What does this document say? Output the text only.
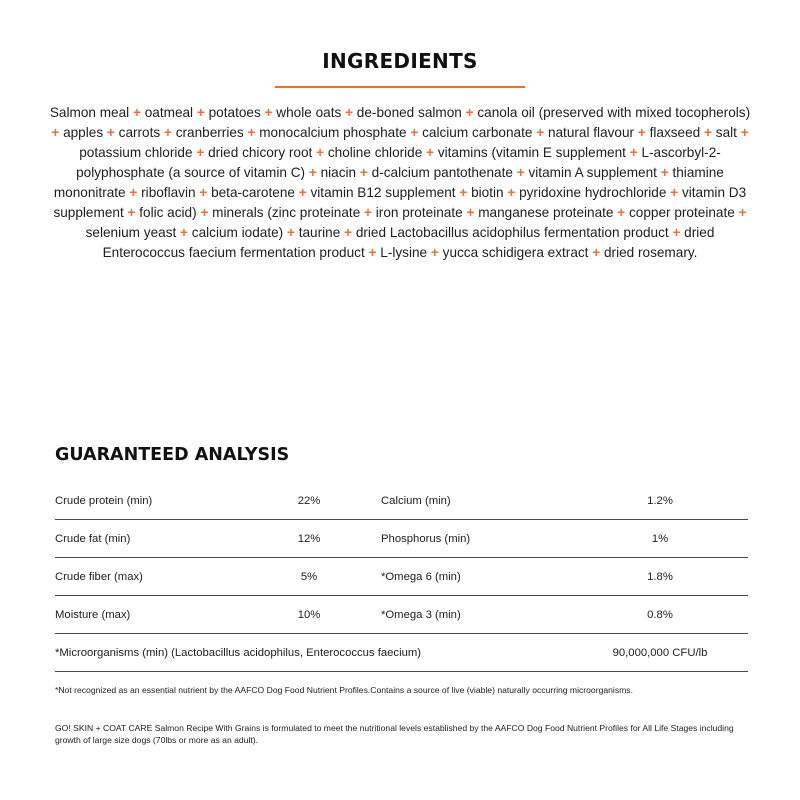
INGREDIENTS
Salmon meal + oatmeal + potatoes + whole oats + de-boned salmon + canola oil (preserved with mixed tocopherols) + apples + carrots + cranberries + monocalcium phosphate + calcium carbonate + natural flavour + flaxseed + salt + potassium chloride + dried chicory root + choline chloride + vitamins (vitamin E supplement + L-ascorbyl-2-polyphosphate (a source of vitamin C) + niacin + d-calcium pantothenate + vitamin A supplement + thiamine mononitrate + riboflavin + beta-carotene + vitamin B12 supplement + biotin + pyridoxine hydrochloride + vitamin D3 supplement + folic acid) + minerals (zinc proteinate + iron proteinate + manganese proteinate + copper proteinate + selenium yeast + calcium iodate) + taurine + dried Lactobacillus acidophilus fermentation product + dried Enterococcus faecium fermentation product + L-lysine + yucca schidigera extract + dried rosemary.
GUARANTEED ANALYSIS
Crude protein (min)	22%	Calcium (min)	1.2%
Crude fat (min)	12%	Phosphorus (min)	1%
Crude fiber (max)	5%	*Omega 6 (min)	1.8%
Moisture (max)	10%	*Omega 3 (min)	0.8%
*Microorganisms (min) (Lactobacillus acidophilus, Enterococcus faecium)	90,000,000 CFU/lb
*Not recognized as an essential nutrient by the AAFCO Dog Food Nutrient Profiles.Contains a source of live (viable) naturally occurring microorganisms.
GO! SKIN + COAT CARE Salmon Recipe With Grains is formulated to meet the nutritional levels established by the AAFCO Dog Food Nutrient Profiles for All Life Stages including growth of large size dogs (70lbs or more as an adult).
